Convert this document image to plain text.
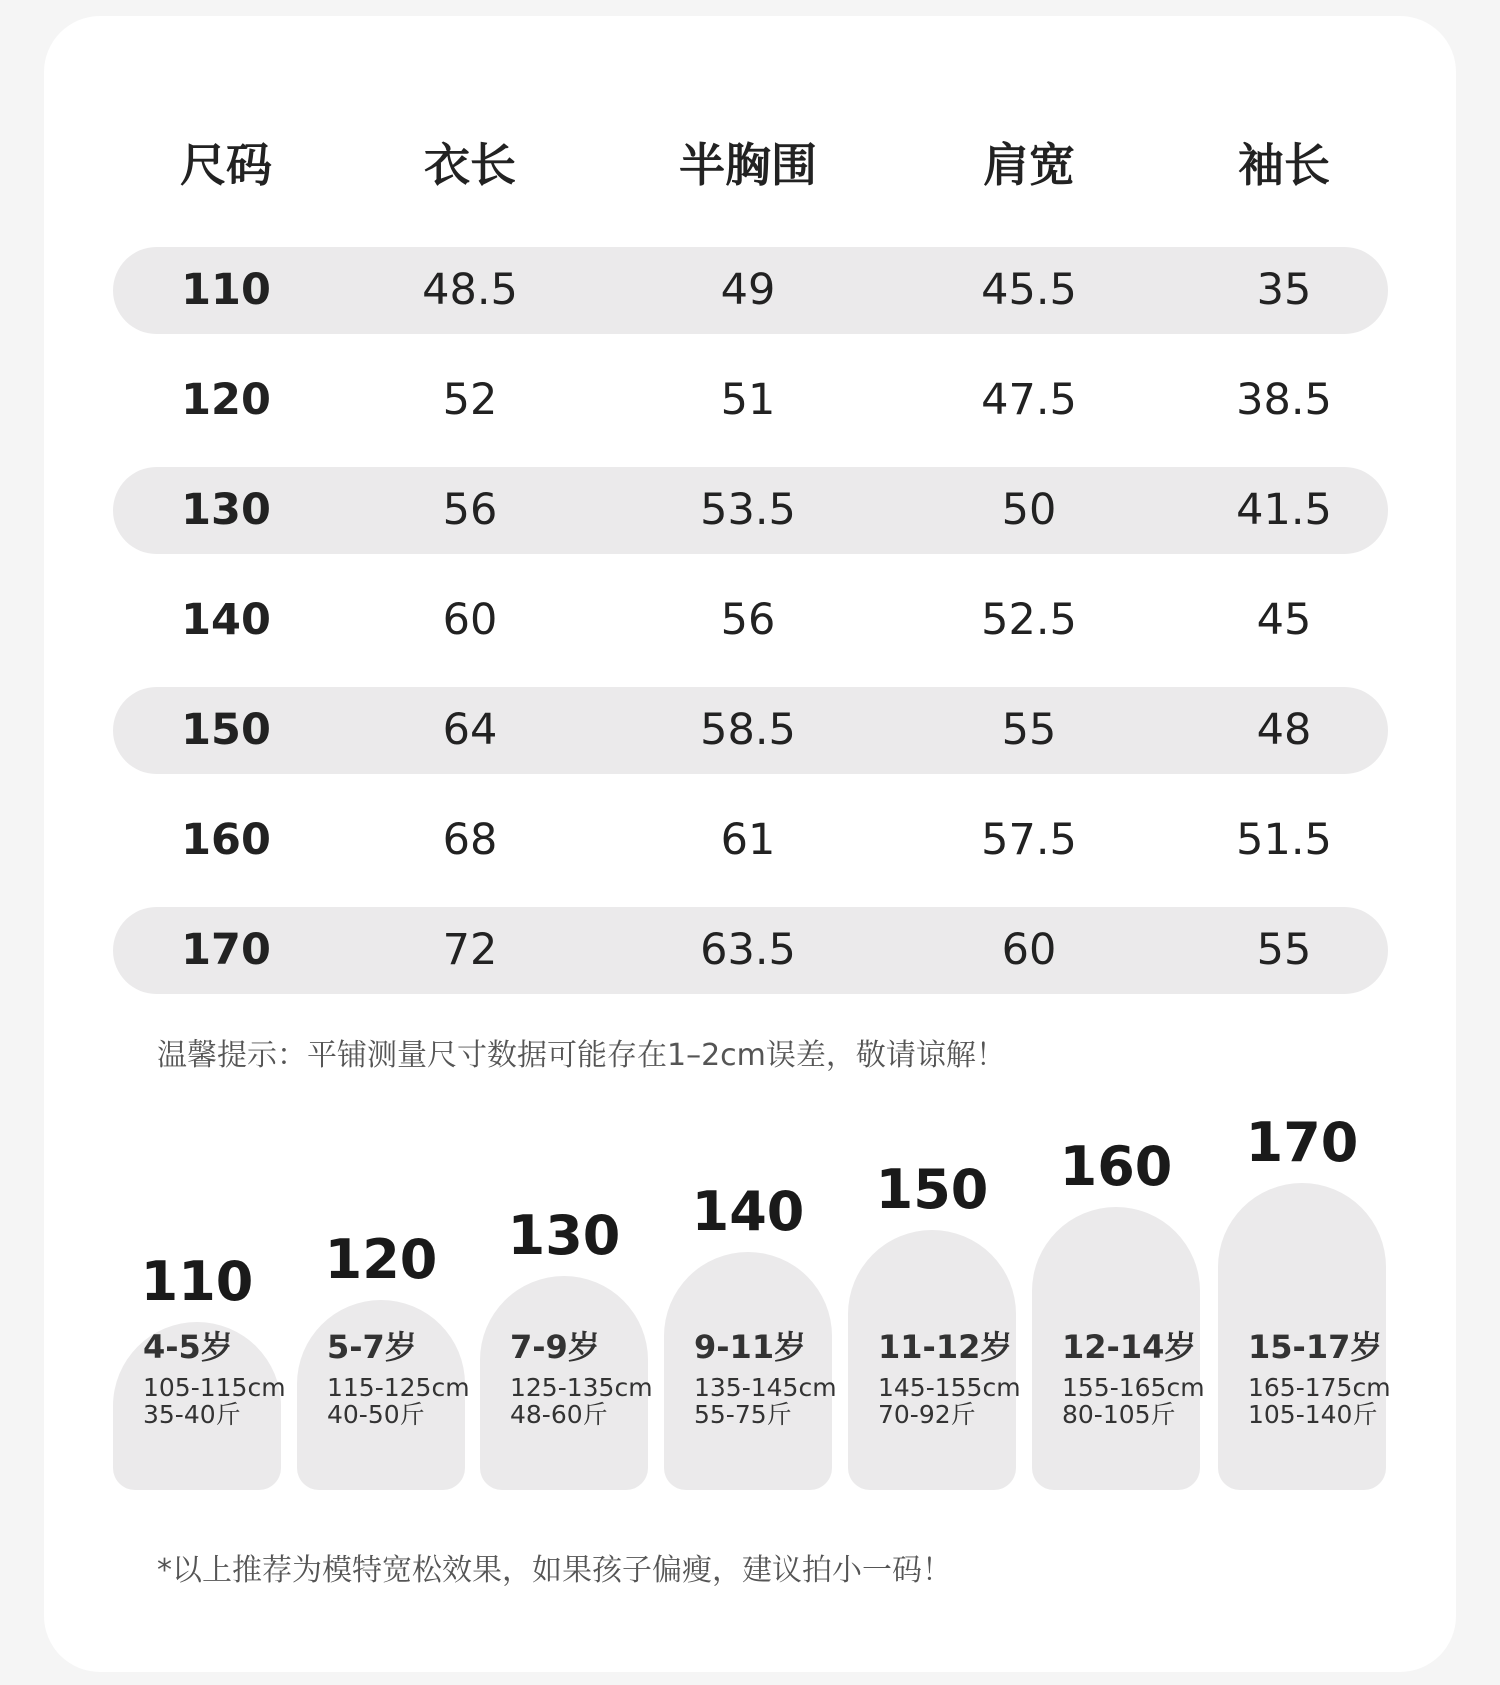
尺码	衣长	半胸围	肩宽	袖长
110	48.5	49	45.5	35
120	52	51	47.5	38.5
130	56	53.5	50	41.5
140	60	56	52.5	45
150	64	58.5	55	48
160	68	61	57.5	51.5
170	72	63.5	60	55
温馨提示：平铺测量尺寸数据可能存在1–2cm误差，敬请谅解！
110
4-5岁
105-115cm
35-40斤
120
5-7岁
115-125cm
40-50斤
130
7-9岁
125-135cm
48-60斤
140
9-11岁
135-145cm
55-75斤
150
11-12岁
145-155cm
70-92斤
160
12-14岁
155-165cm
80-105斤
170
15-17岁
165-175cm
105-140斤
*以上推荐为模特宽松效果，如果孩子偏瘦，建议拍小一码！
